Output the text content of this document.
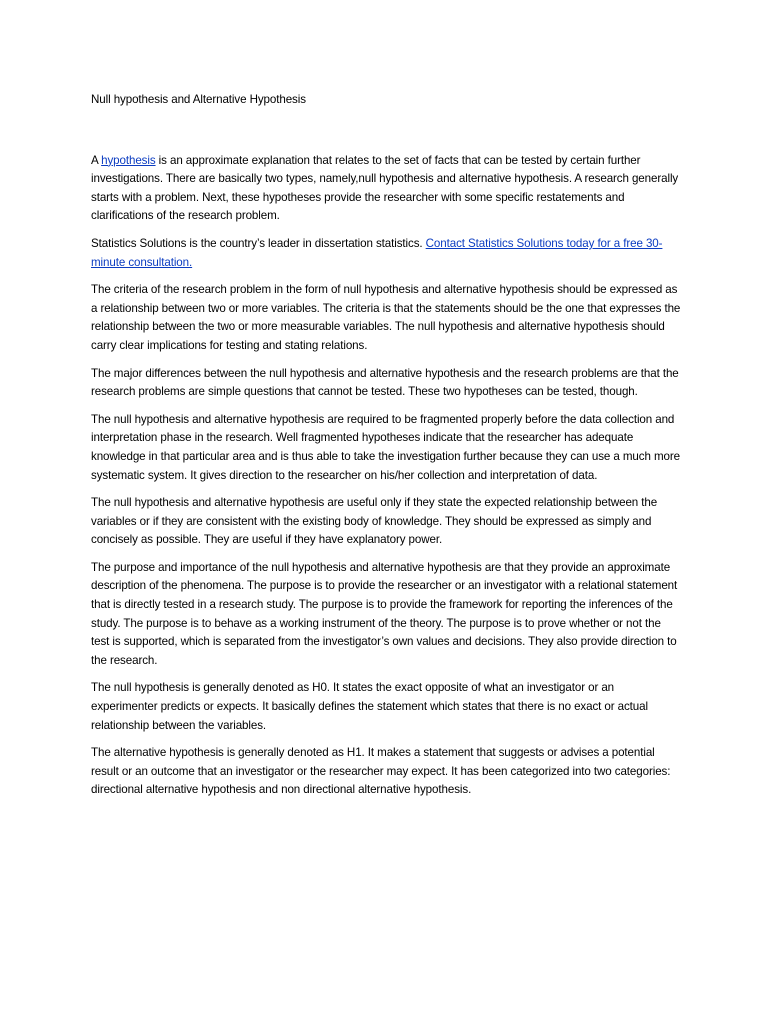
Null hypothesis and Alternative Hypothesis

A hypothesis is an approximate explanation that relates to the set of facts that can be tested by certain further investigations. There are basically two types, namely,null hypothesis and alternative hypothesis. A research generally starts with a problem. Next, these hypotheses provide the researcher with some specific restatements and clarifications of the research problem.

Statistics Solutions is the country’s leader in dissertation statistics. Contact Statistics Solutions today for a free 30-minute consultation.

The criteria of the research problem in the form of null hypothesis and alternative hypothesis should be expressed as a relationship between two or more variables. The criteria is that the statements should be the one that expresses the relationship between the two or more measurable variables. The null hypothesis and alternative hypothesis should carry clear implications for testing and stating relations.

The major differences between the null hypothesis and alternative hypothesis and the research problems are that the research problems are simple questions that cannot be tested. These two hypotheses can be tested, though.

The null hypothesis and alternative hypothesis are required to be fragmented properly before the data collection and interpretation phase in the research. Well fragmented hypotheses indicate that the researcher has adequate knowledge in that particular area and is thus able to take the investigation further because they can use a much more systematic system. It gives direction to the researcher on his/her collection and interpretation of data.

The null hypothesis and alternative hypothesis are useful only if they state the expected relationship between the variables or if they are consistent with the existing body of knowledge. They should be expressed as simply and concisely as possible. They are useful if they have explanatory power.

The purpose and importance of the null hypothesis and alternative hypothesis are that they provide an approximate description of the phenomena. The purpose is to provide the researcher or an investigator with a relational statement that is directly tested in a research study. The purpose is to provide the framework for reporting the inferences of the study. The purpose is to behave as a working instrument of the theory. The purpose is to prove whether or not the test is supported, which is separated from the investigator’s own values and decisions. They also provide direction to the research.

The null hypothesis is generally denoted as H0. It states the exact opposite of what an investigator or an experimenter predicts or expects. It basically defines the statement which states that there is no exact or actual relationship between the variables.

The alternative hypothesis is generally denoted as H1. It makes a statement that suggests or advises a potential result or an outcome that an investigator or the researcher may expect. It has been categorized into two categories: directional alternative hypothesis and non directional alternative hypothesis.
